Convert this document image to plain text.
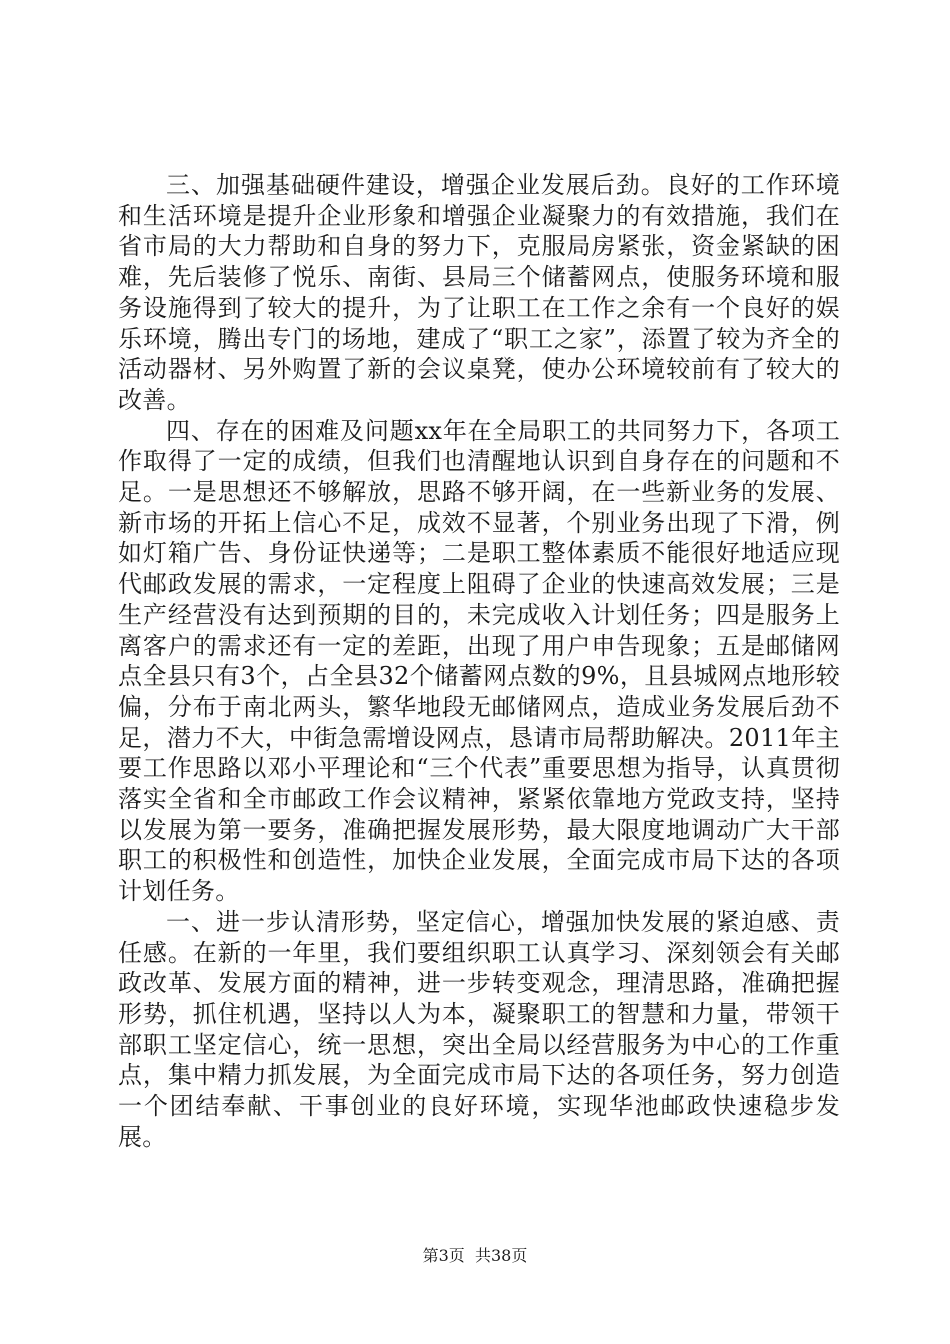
三、加强基础硬件建设，增强企业发展后劲。良好的工作环境和生活环境是提升企业形象和增强企业凝聚力的有效措施，我们在省市局的大力帮助和自身的努力下，克服局房紧张，资金紧缺的困难，先后装修了悦乐、南街、县局三个储蓄网点，使服务环境和服务设施得到了较大的提升，为了让职工在工作之余有一个良好的娱乐环境，腾出专门的场地，建成了“职工之家”，添置了较为齐全的活动器材、另外购置了新的会议桌凳，使办公环境较前有了较大的改善。

四、存在的困难及问题xx年在全局职工的共同努力下，各项工作取得了一定的成绩，但我们也清醒地认识到自身存在的问题和不足。一是思想还不够解放，思路不够开阔，在一些新业务的发展、新市场的开拓上信心不足，成效不显著，个别业务出现了下滑，例如灯箱广告、身份证快递等；二是职工整体素质不能很好地适应现代邮政发展的需求，一定程度上阻碍了企业的快速高效发展；三是生产经营没有达到预期的目的，未完成收入计划任务；四是服务上离客户的需求还有一定的差距，出现了用户申告现象；五是邮储网点全县只有3个，占全县32个储蓄网点数的9%，且县城网点地形较偏，分布于南北两头，繁华地段无邮储网点，造成业务发展后劲不足，潜力不大，中街急需增设网点，恳请市局帮助解决。2011年主要工作思路以邓小平理论和“三个代表”重要思想为指导，认真贯彻落实全省和全市邮政工作会议精神，紧紧依靠地方党政支持，坚持以发展为第一要务，准确把握发展形势，最大限度地调动广大干部职工的积极性和创造性，加快企业发展，全面完成市局下达的各项计划任务。

一、进一步认清形势，坚定信心，增强加快发展的紧迫感、责任感。在新的一年里，我们要组织职工认真学习、深刻领会有关邮政改革、发展方面的精神，进一步转变观念，理清思路，准确把握形势，抓住机遇，坚持以人为本，凝聚职工的智慧和力量，带领干部职工坚定信心，统一思想，突出全局以经营服务为中心的工作重点，集中精力抓发展，为全面完成市局下达的各项任务，努力创造一个团结奉献、干事创业的良好环境，实现华池邮政快速稳步发展。

第3页 共38页
